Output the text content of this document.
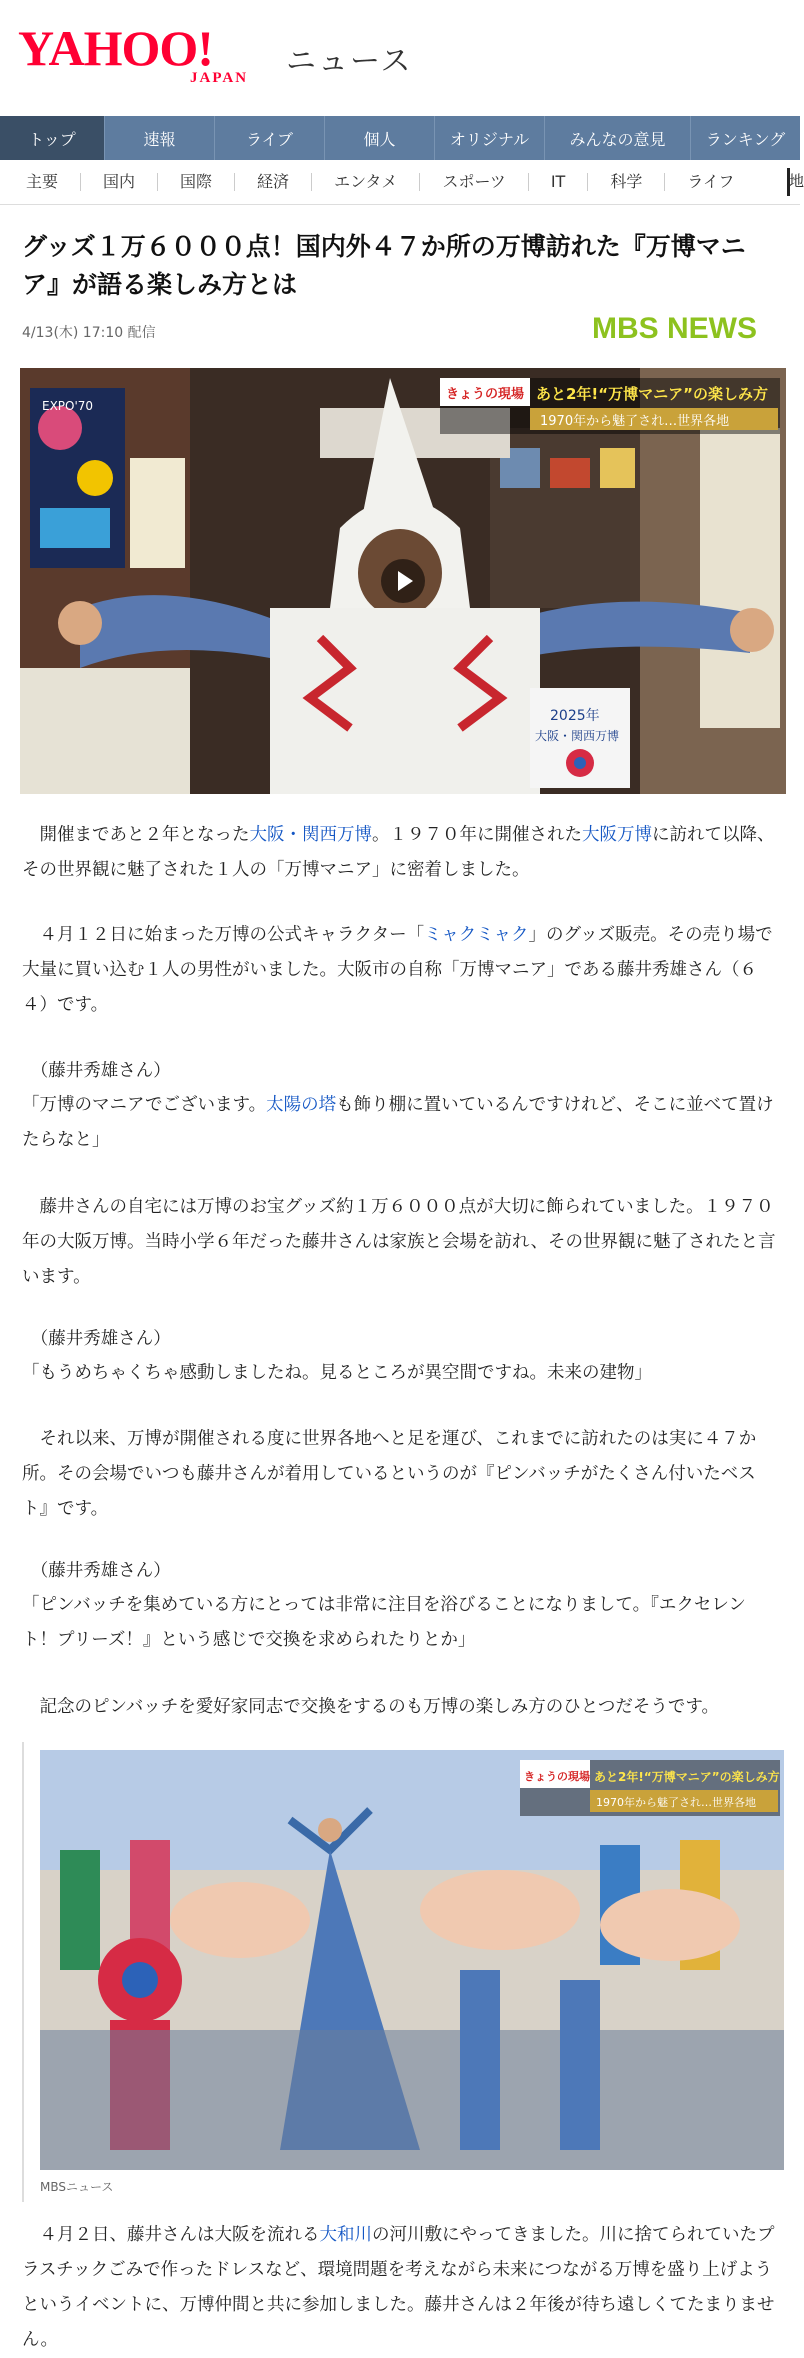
YAHOO!
JAPAN ニュース
トップ	速報	ライブ	個人	オリジナル	みんなの意見	ランキング
主要	国内	国際	経済	エンタメ	スポーツ	IT	科学	ライフ	地
グッズ１万６０００点！国内外４７か所の万博訪れた『万博マニア』が語る楽しみ方とは
4/13(木) 17:10 配信	MBS NEWS
EXPO'70
2025年
大阪・関西万博
きょうの現場 あと2年!“万博マニア”の楽しみ方
1970年から魅了され…世界各地
　開催まであと２年となった大阪・関西万博。１９７０年に開催された大阪万博に訪れて以降、その世界観に魅了された１人の「万博マニア」に密着しました。
　４月１２日に始まった万博の公式キャラクター「ミャクミャク」のグッズ販売。その売り場で大量に買い込む１人の男性がいました。大阪市の自称「万博マニア」である藤井秀雄さん（６４）です。
　（藤井秀雄さん）
「万博のマニアでございます。太陽の塔も飾り棚に置いているんですけれど、そこに並べて置けたらなと」
　藤井さんの自宅には万博のお宝グッズ約１万６０００点が大切に飾られていました。１９７０年の大阪万博。当時小学６年だった藤井さんは家族と会場を訪れ、その世界観に魅了されたと言います。
　（藤井秀雄さん）
「もうめちゃくちゃ感動しましたね。見るところが異空間ですね。未来の建物」
　それ以来、万博が開催される度に世界各地へと足を運び、これまでに訪れたのは実に４７か所。その会場でいつも藤井さんが着用しているというのが『ピンバッチがたくさん付いたベスト』です。
　（藤井秀雄さん）
「ピンバッチを集めている方にとっては非常に注目を浴びることになりまして。『エクセレント！プリーズ！』という感じで交換を求められたりとか」
　記念のピンバッチを愛好家同志で交換をするのも万博の楽しみ方のひとつだそうです。
きょうの現場 あと2年!“万博マニア”の楽しみ方
1970年から魅了され…世界各地
MBSニュース
　４月２日、藤井さんは大阪を流れる大和川の河川敷にやってきました。川に捨てられていたプラスチックごみで作ったドレスなど、環境問題を考えながら未来につながる万博を盛り上げようというイベントに、万博仲間と共に参加しました。藤井さんは２年後が待ち遠しくてたまりません。
